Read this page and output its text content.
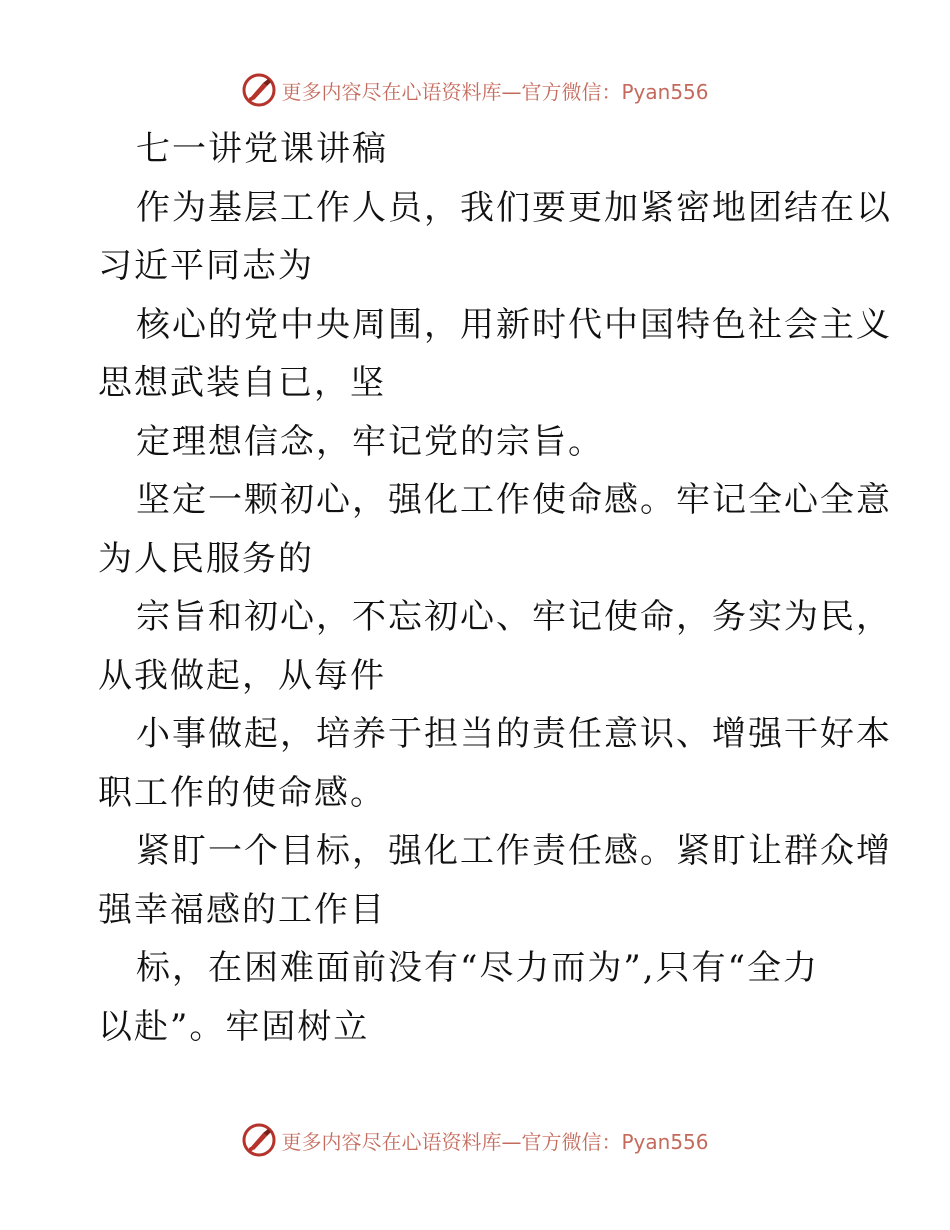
更多内容尽在心语资料库—官方微信：Pyan556
七一讲党课讲稿
作为基层工作人员，我们要更加紧密地团结在以
习近平同志为
核心的党中央周围，用新时代中国特色社会主义
思想武装自已，坚
定理想信念，牢记党的宗旨。
坚定一颗初心，强化工作使命感。牢记全心全意
为人民服务的
宗旨和初心，不忘初心、牢记使命，务实为民，
从我做起，从每件
小事做起，培养于担当的责任意识、增强干好本
职工作的使命感。
紧盯一个目标，强化工作责任感。紧盯让群众增
强幸福感的工作目
标，在困难面前没有“尽力而为”,只有“全力
以赴”。牢固树立
更多内容尽在心语资料库—官方微信：Pyan556
